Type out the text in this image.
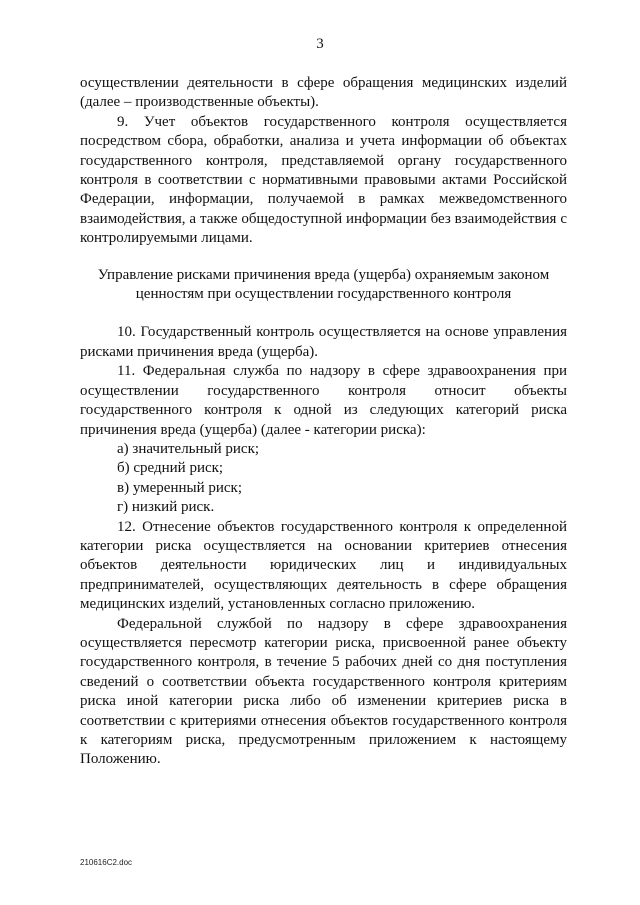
3

осуществлении деятельности в сфере обращения медицинских изделий (далее – производственные объекты).

9. Учет объектов государственного контроля осуществляется посредством сбора, обработки, анализа и учета информации об объектах государственного контроля, представляемой органу государственного контроля в соответствии с нормативными правовыми актами Российской Федерации, информации, получаемой в рамках межведомственного взаимодействия, а также общедоступной информации без взаимодействия с контролируемыми лицами.

Управление рисками причинения вреда (ущерба) охраняемым законом
ценностям при осуществлении государственного контроля

10. Государственный контроль осуществляется на основе управления рисками причинения вреда (ущерба).

11. Федеральная служба по надзору в сфере здравоохранения при осуществлении государственного контроля относит объекты государственного контроля к одной из следующих категорий риска причинения вреда (ущерба) (далее - категории риска):

а) значительный риск;

б) средний риск;

в) умеренный риск;

г) низкий риск.

12. Отнесение объектов государственного контроля к определенной категории риска осуществляется на основании критериев отнесения объектов деятельности юридических лиц и индивидуальных предпринимателей, осуществляющих деятельность в сфере обращения медицинских изделий, установленных согласно приложению.

Федеральной службой по надзору в сфере здравоохранения осуществляется пересмотр категории риска, присвоенной ранее объекту государственного контроля, в течение 5 рабочих дней со дня поступления сведений о соответствии объекта государственного контроля критериям риска иной категории риска либо об изменении критериев риска в соответствии с критериями отнесения объектов государственного контроля к категориям риска, предусмотренным приложением к настоящему Положению.

210616C2.doc
